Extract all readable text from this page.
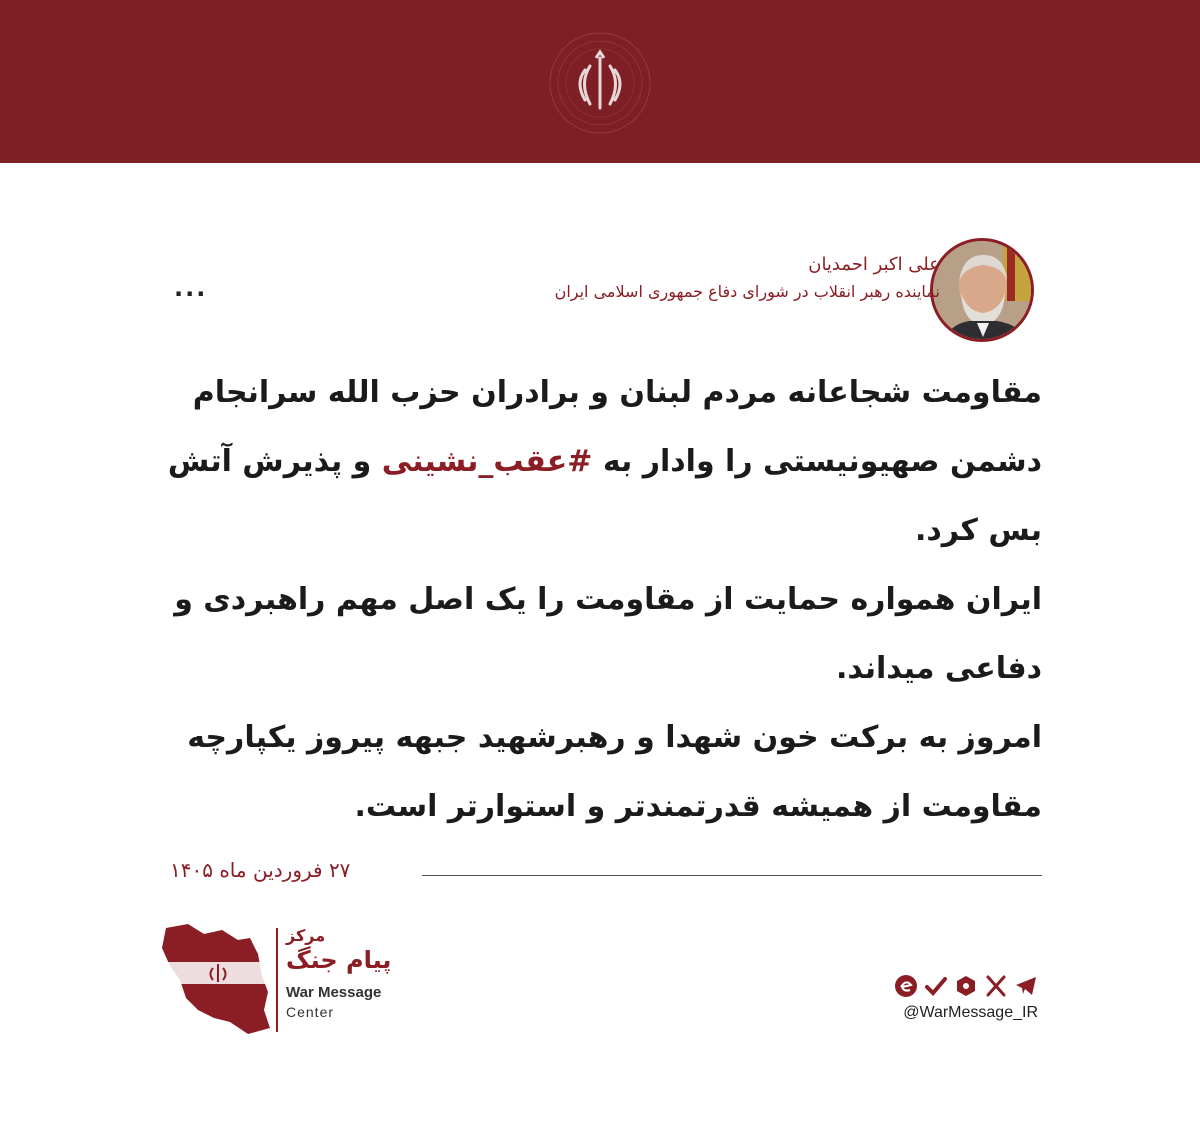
علی اکبر احمدیان
نماینده رهبر انقلاب در شورای دفاع جمهوری اسلامی ایران
...

مقاومت شجاعانه مردم لبنان و برادران حزب الله سرانجام دشمن صهیونیستی را وادار به #عقب_نشینی و پذیرش آتش بس کرد.

ایران همواره حمایت از مقاومت را یک اصل مهم راهبردی و دفاعی میداند.

امروز به برکت خون شهدا و رهبرشهید جبهه پیروز یکپارچه مقاومت از همیشه قدرتمندتر و استوارتر است.

۲۷ فروردین ماه ۱۴۰۵
مرکز
پیام جنگ
War Message
Center	@WarMessage_IR
